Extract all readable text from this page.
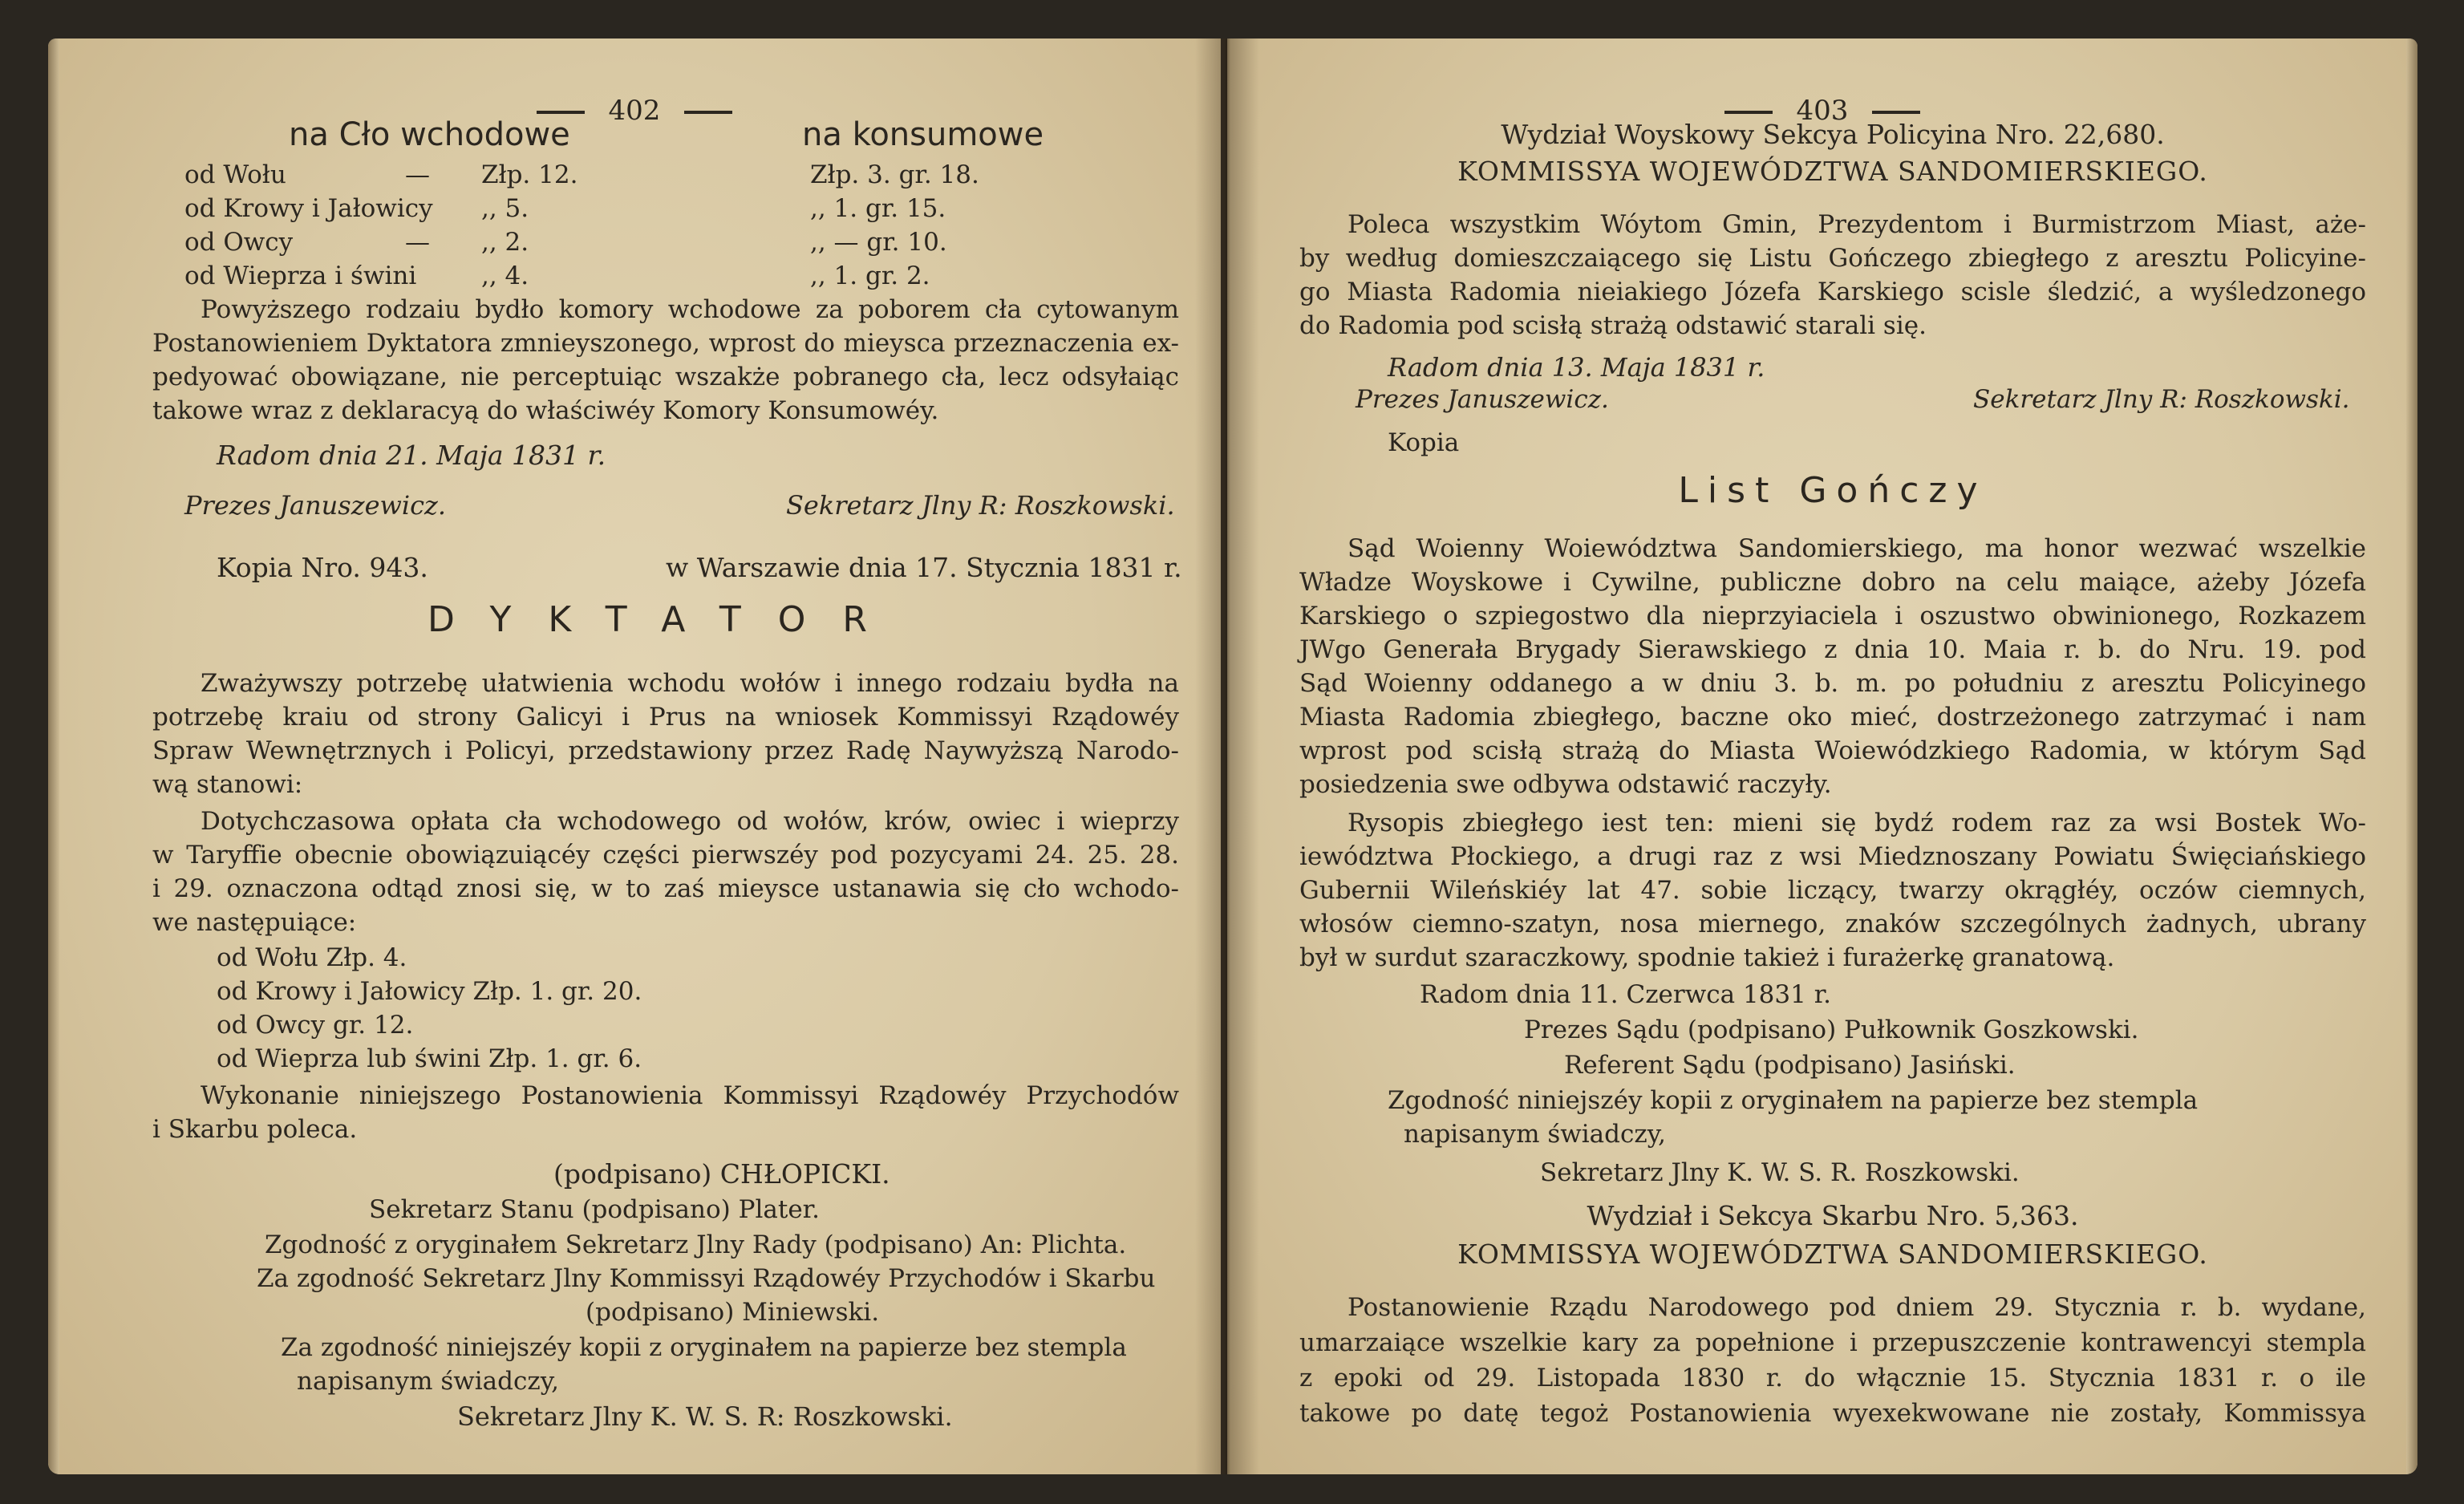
402
na Cło wchodowe	na konsumowe
od Wołu	— Złp. 12.	Złp. 3. gr. 18.
od Krowy i Jałowicy ,, 5.	,, 1. gr. 15.
od Owcy	— ,, 2.	,, — gr. 10.
od Wieprza i świni	,, 4.	,, 1. gr. 2.
Powyższego rodzaiu bydło komory wchodowe za poborem cła cytowanym
Postanowieniem Dyktatora zmnieyszonego, wprost do mieysca przeznaczenia ex-
pedyować obowiązane, nie perceptuiąc wszakże pobranego cła, lecz odsyłaiąc
takowe wraz z deklaracyą do właściwéy Komory Konsumowéy.
Radom dnia 21. Maja 1831 r.
Prezes Januszewicz.	Sekretarz Jlny R: Roszkowski.
Kopia Nro. 943.	w Warszawie dnia 17. Stycznia 1831 r.
DYKTATOR
Zważywszy potrzebę ułatwienia wchodu wołów i innego rodzaiu bydła na
potrzebę kraiu od strony Galicyi i Prus na wniosek Kommissyi Rządowéy
Spraw Wewnętrznych i Policyi, przedstawiony przez Radę Naywyższą Narodo-
wą stanowi:
Dotychczasowa opłata cła wchodowego od wołów, krów, owiec i wieprzy
w Taryffie obecnie obowiązuiącéy części pierwszéy pod pozycyami 24. 25. 28.
i 29. oznaczona odtąd znosi się, w to zaś mieysce ustanawia się cło wchodo-
we następuiące:
od Wołu Złp. 4.
od Krowy i Jałowicy Złp. 1. gr. 20.
od Owcy gr. 12.
od Wieprza lub świni Złp. 1. gr. 6.
Wykonanie niniejszego Postanowienia Kommissyi Rządowéy Przychodów
i Skarbu poleca.
(podpisano) CHŁOPICKI.
Sekretarz Stanu (podpisano) Plater.
Zgodność z oryginałem Sekretarz Jlny Rady (podpisano) An: Plichta.
Za zgodność Sekretarz Jlny Kommissyi Rządowéy Przychodów i Skarbu
(podpisano) Miniewski.
Za zgodność niniejszéy kopii z oryginałem na papierze bez stempla
napisanym świadczy,
Sekretarz Jlny K. W. S. R: Roszkowski.
403
Wydział Woyskowy Sekcya Policyina Nro. 22,680.
KOMMISSYA WOJEWÓDZTWA SANDOMIERSKIEGO.
Poleca wszystkim Wóytom Gmin, Prezydentom i Burmistrzom Miast, aże-
by według domieszczaiącego się Listu Gończego zbiegłego z aresztu Policyine-
go Miasta Radomia nieiakiego Józefa Karskiego scisle śledzić, a wyśledzonego
do Radomia pod scisłą strażą odstawić starali się.
Radom dnia 13. Maja 1831 r.
Prezes Januszewicz.	Sekretarz Jlny R: Roszkowski.
Kopia
List Gończy
Sąd Woienny Woiewództwa Sandomierskiego, ma honor wezwać wszelkie
Władze Woyskowe i Cywilne, publiczne dobro na celu maiące, ażeby Józefa
Karskiego o szpiegostwo dla nieprzyiaciela i oszustwo obwinionego, Rozkazem
JWgo Generała Brygady Sierawskiego z dnia 10. Maia r. b. do Nru. 19. pod
Sąd Woienny oddanego a w dniu 3. b. m. po południu z aresztu Policyinego
Miasta Radomia zbiegłego, baczne oko mieć, dostrzeżonego zatrzymać i nam
wprost pod scisłą strażą do Miasta Woiewódzkiego Radomia, w którym Sąd
posiedzenia swe odbywa odstawić raczyły.
Rysopis zbiegłego iest ten: mieni się bydź rodem raz za wsi Bostek Wo-
iewództwa Płockiego, a drugi raz z wsi Miedznoszany Powiatu Święciańskiego
Gubernii Wileńskiéy lat 47. sobie liczący, twarzy okrągłéy, oczów ciemnych,
włosów ciemno-szatyn, nosa miernego, znaków szczególnych żadnych, ubrany
był w surdut szaraczkowy, spodnie takież i furażerkę granatową.
Radom dnia 11. Czerwca 1831 r.
Prezes Sądu (podpisano) Pułkownik Goszkowski.
Referent Sądu (podpisano) Jasiński.
Zgodność niniejszéy kopii z oryginałem na papierze bez stempla
napisanym świadczy,
Sekretarz Jlny K. W. S. R. Roszkowski.
Wydział i Sekcya Skarbu Nro. 5,363.
KOMMISSYA WOJEWÓDZTWA SANDOMIERSKIEGO.
Postanowienie Rządu Narodowego pod dniem 29. Stycznia r. b. wydane,
umarzaiące wszelkie kary za popełnione i przepuszczenie kontrawencyi stempla
z epoki od 29. Listopada 1830 r. do włącznie 15. Stycznia 1831 r. o ile
takowe po datę tegoż Postanowienia wyexekwowane nie zostały, Kommissya
